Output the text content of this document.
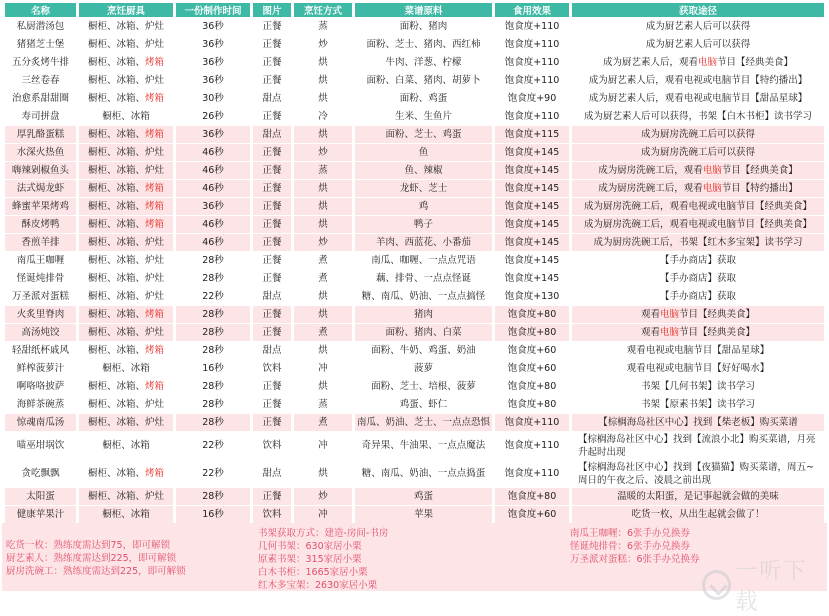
名称	烹饪厨具	一份制作时间	图片	烹饪方式	菜谱原料	食用效果	获取途径
私厨潜汤包	橱柜、冰箱、炉灶	36秒	正餐	蒸	面粉、猪肉	饱食度+110	成为厨艺素人后可以获得
猪猪芝士堡	橱柜、冰箱、炉灶	36秒	正餐	炒	面粉、芝士、猪肉、西红柿	饱食度+110	成为厨艺素人后可以获得
五分炙烤牛排	橱柜、冰箱、烤箱	36秒	正餐	烘	牛肉、洋葱、柠檬	饱食度+110	成为厨艺素人后，观看电脑节目【经典美食】
三丝卷春	橱柜、冰箱、炉灶	36秒	正餐	烘	面粉、白菜、猪肉、胡萝卜	饱食度+110	成为厨艺素人后，观看电视或电脑节目【特约播出】
治愈系甜甜圈	橱柜、冰箱、烤箱	30秒	甜点	烘	面粉、鸡蛋	饱食度+90	成为厨艺素人后，观看电视或电脑节目【甜品星球】
寿司拼盘	橱柜、冰箱	26秒	正餐	冷	生米、生鱼片	饱食度+110	成为厨艺素人后可以获得，书架【白木书柜】读书学习
厚乳酪蛋糕	橱柜、冰箱、烤箱	36秒	甜点	烘	面粉、芝士、鸡蛋	饱食度+115	成为厨房洗碗工后可以获得
水深火热鱼	橱柜、冰箱、炉灶	46秒	正餐	炒	鱼	饱食度+145	成为厨房洗碗工后可以获得
嗨辣剁椒鱼头	橱柜、冰箱、炉灶	46秒	正餐	蒸	鱼、辣椒	饱食度+145	成为厨房洗碗工后，观看电脑节目【经典美食】
法式焗龙虾	橱柜、冰箱、烤箱	46秒	正餐	烘	龙虾、芝士	饱食度+145	成为厨房洗碗工后，观看电脑节目【特约播出】
蜂蜜苹果烤鸡	橱柜、冰箱、烤箱	36秒	正餐	烘	鸡	饱食度+145	成为厨房洗碗工后，观看电视或电脑节目【经典美食】
酥皮烤鸭	橱柜、冰箱、烤箱	46秒	正餐	烘	鸭子	饱食度+145	成为厨房洗碗工后，观看电视或电脑节目【经典美食】
香煎羊排	橱柜、冰箱、炉灶	46秒	正餐	炒	羊肉、西蓝花、小番茄	饱食度+145	成为厨房洗碗工后，书架【红木多宝架】读书学习
南瓜王咖喱	橱柜、冰箱、炉灶	28秒	正餐	煮	南瓜、咖喱、一点点咒语	饱食度+145	【手办商店】获取
怪诞炖排骨	橱柜、冰箱、炉灶	28秒	正餐	煮	藕、排骨、一点点怪诞	饱食度+145	【手办商店】获取
万圣派对蛋糕	橱柜、冰箱、炉灶	22秒	甜点	烘	糖、南瓜、奶油、一点点搞怪	饱食度+130	【手办商店】获取
火炙里脊肉	橱柜、冰箱、烤箱	28秒	正餐	烘	猪肉	饱食度+80	观看电脑节目【经典美食】
高汤炖饺	橱柜、冰箱、炉灶	28秒	正餐	煮	面粉、猪肉、白菜	饱食度+80	观看电脑节目【经典美食】
轻甜纸杯戚风	橱柜、冰箱、烤箱	28秒	甜点	烘	面粉、牛奶、鸡蛋、奶油	饱食度+60	观看电视或电脑节目【甜品星球】
鲜榨菠萝汁	橱柜、冰箱	16秒	饮料	冲	菠萝	饱食度+60	观看电视或电脑节目【好好喝水】
啊咯咯披萨	橱柜、冰箱、烤箱	28秒	正餐	烘	面粉、芝士、培根、菠萝	饱食度+80	书架【几何书架】读书学习
海鲜茶碗蒸	橱柜、冰箱、炉灶	28秒	正餐	蒸	鸡蛋、虾仁	饱食度+80	书架【原素书架】读书学习
惊魂南瓜汤	橱柜、冰箱、炉灶	28秒	正餐	煮	南瓜、奶油、芝士、一点点恐惧	饱食度+110	【棕榈海岛社区中心】找到【柴老板】购买菜谱
喵巫坩埚饮	橱柜、冰箱	22秒	饮料	冲	奇异果、牛油果、一点点魔法	饱食度+110	【棕榈海岛社区中心】找到【流浪小北】购买菜谱，月亮升起时出现
贪吃飘飘	橱柜、冰箱、烤箱	22秒	甜点	烘	糖、南瓜、奶油、一点点捣蛋	饱食度+110	【棕榈海岛社区中心】找到【夜猫猫】购买菜谱，周五~周日的午夜之后、凌晨之前出现
太阳蛋	橱柜、冰箱、炉灶	28秒	正餐	炒	鸡蛋	饱食度+80	温暖的太阳蛋，是记事起就会做的美味
健康苹果汁	橱柜、冰箱	16秒	饮料	冲	苹果	饱食度+60	吃货一枚，从出生起就会做了！
吃货一枚：熟练度需达到75，即可解锁
厨艺素人：熟练度需达到225，即可解锁
厨房洗碗工：熟练度需达到225，即可解锁
书架获取方式：建造-房间-书房
几何书架：630家居小栗
原素书架：315家居小栗
白木书柜：1665家居小栗
红木多宝架：2630家居小栗
南瓜王咖喱：6张手办兑换券
怪诞炖排骨：6张手办兑换券
万圣派对蛋糕：6张手办兑换券	一听下载
